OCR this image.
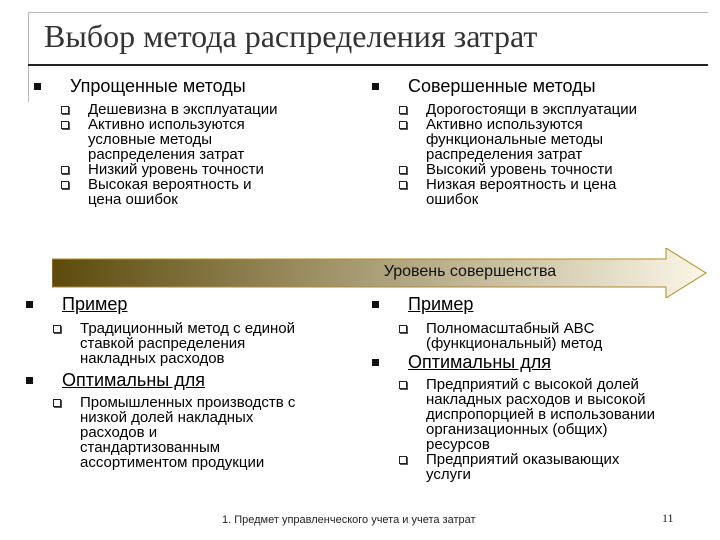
Выбор метода распределения затрат
Упрощенные методы
Дешевизна в эксплуатации
Активно используются
условные методы
распределения затрат
Низкий уровень точности
Высокая вероятность и
цена ошибок
Совершенные методы
Дорогостоящи в эксплуатации
Активно используются
функциональные методы
распределения затрат
Высокий уровень точности
Низкая вероятность и цена
ошибок
Уровень совершенства
Пример
Традиционный метод с единой
ставкой распределения
накладных расходов
Оптимальны для
Промышленных производств с
низкой долей накладных
расходов и
стандартизованным
ассортиментом продукции
Пример
Полномасштабный ABC
(функциональный) метод
Оптимальны для
Предприятий с высокой долей
накладных расходов и высокой
диспропорцией в использовании
организационных (общих)
ресурсов
Предприятий оказывающих
услуги
1. Предмет управленческого учета и учета затрат	11
